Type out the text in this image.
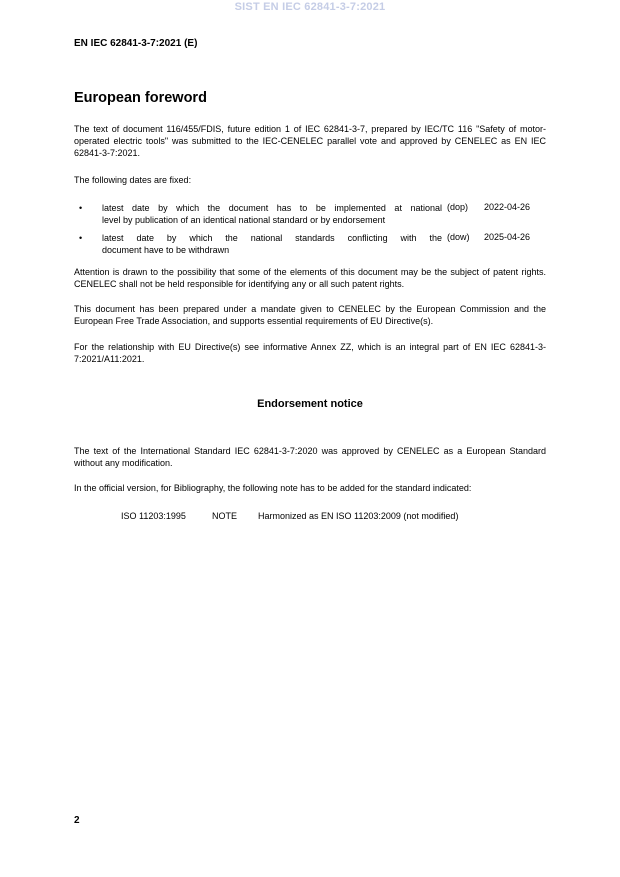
SIST EN IEC 62841-3-7:2021
EN IEC 62841-3-7:2021 (E)
European foreword

The text of document 116/455/FDIS, future edition 1 of IEC 62841-3-7, prepared by IEC/TC 116 "Safety of motor-operated electric tools" was submitted to the IEC-CENELEC parallel vote and approved by CENELEC as EN IEC 62841-3-7:2021.

The following dates are fixed:

• latest date by which the document has to be implemented at national
level by publication of an identical national standard or by endorsement
(dop)	2022-04-26
• latest date by which the national standards conflicting with the
document have to be withdrawn
(dow)	2025-04-26

Attention is drawn to the possibility that some of the elements of this document may be the subject of patent rights. CENELEC shall not be held responsible for identifying any or all such patent rights.

This document has been prepared under a mandate given to CENELEC by the European Commission and the European Free Trade Association, and supports essential requirements of EU Directive(s).

For the relationship with EU Directive(s) see informative Annex ZZ, which is an integral part of EN IEC 62841-3-7:2021/A11:2021.

Endorsement notice

The text of the International Standard IEC 62841-3-7:2020 was approved by CENELEC as a European Standard without any modification.

In the official version, for Bibliography, the following note has to be added for the standard indicated:

ISO 11203:1995	NOTE Harmonized as EN ISO 11203:2009 (not modified)
2
